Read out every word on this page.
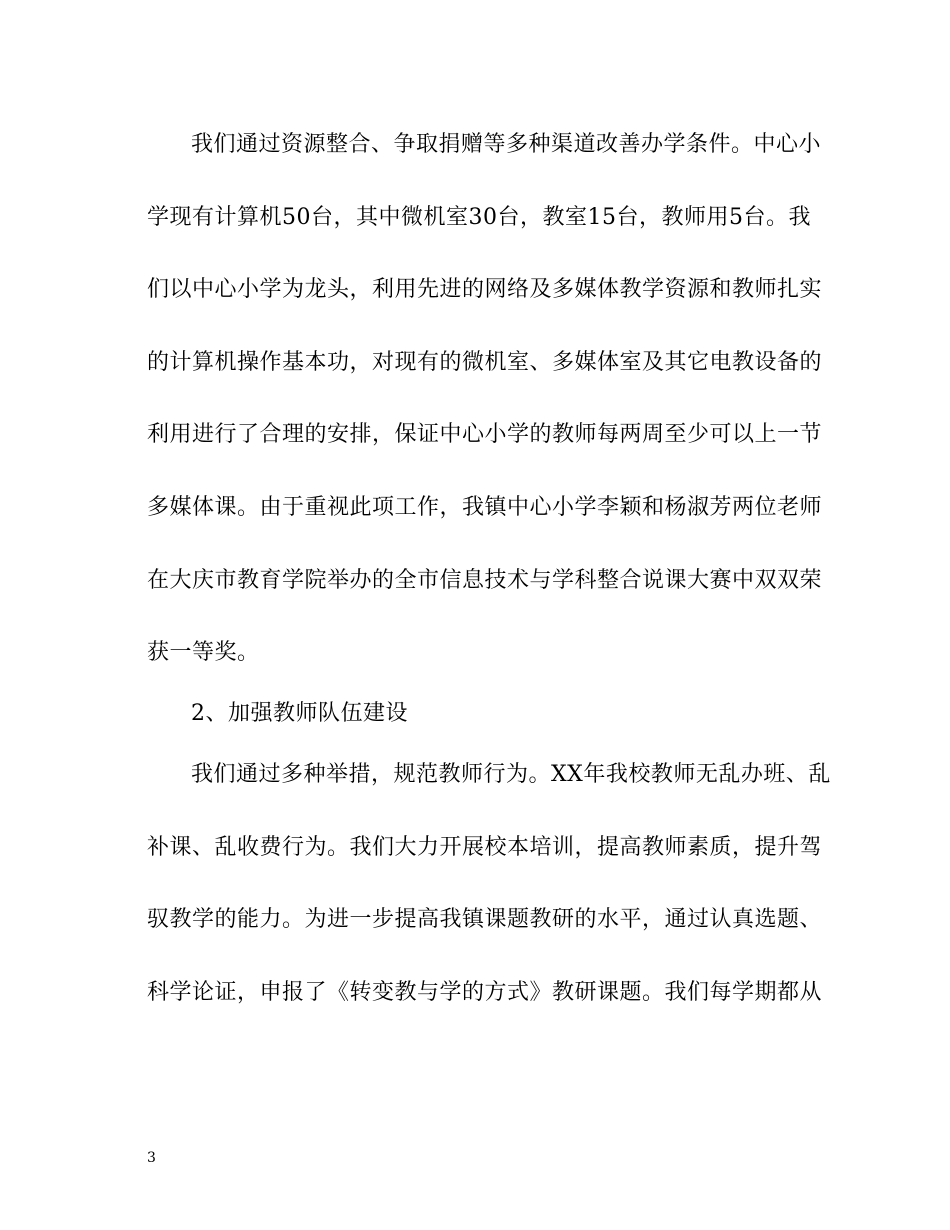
我们通过资源整合、争取捐赠等多种渠道改善办学条件。中心小
学现有计算机50台，其中微机室30台，教室15台，教师用5台。我
们以中心小学为龙头，利用先进的网络及多媒体教学资源和教师扎实
的计算机操作基本功，对现有的微机室、多媒体室及其它电教设备的
利用进行了合理的安排，保证中心小学的教师每两周至少可以上一节
多媒体课。由于重视此项工作，我镇中心小学李颖和杨淑芳两位老师
在大庆市教育学院举办的全市信息技术与学科整合说课大赛中双双荣
获一等奖。
2、加强教师队伍建设
我们通过多种举措，规范教师行为。XX年我校教师无乱办班、乱
补课、乱收费行为。我们大力开展校本培训，提高教师素质，提升驾
驭教学的能力。为进一步提高我镇课题教研的水平，通过认真选题、
科学论证，申报了《转变教与学的方式》教研课题。我们每学期都从
3
